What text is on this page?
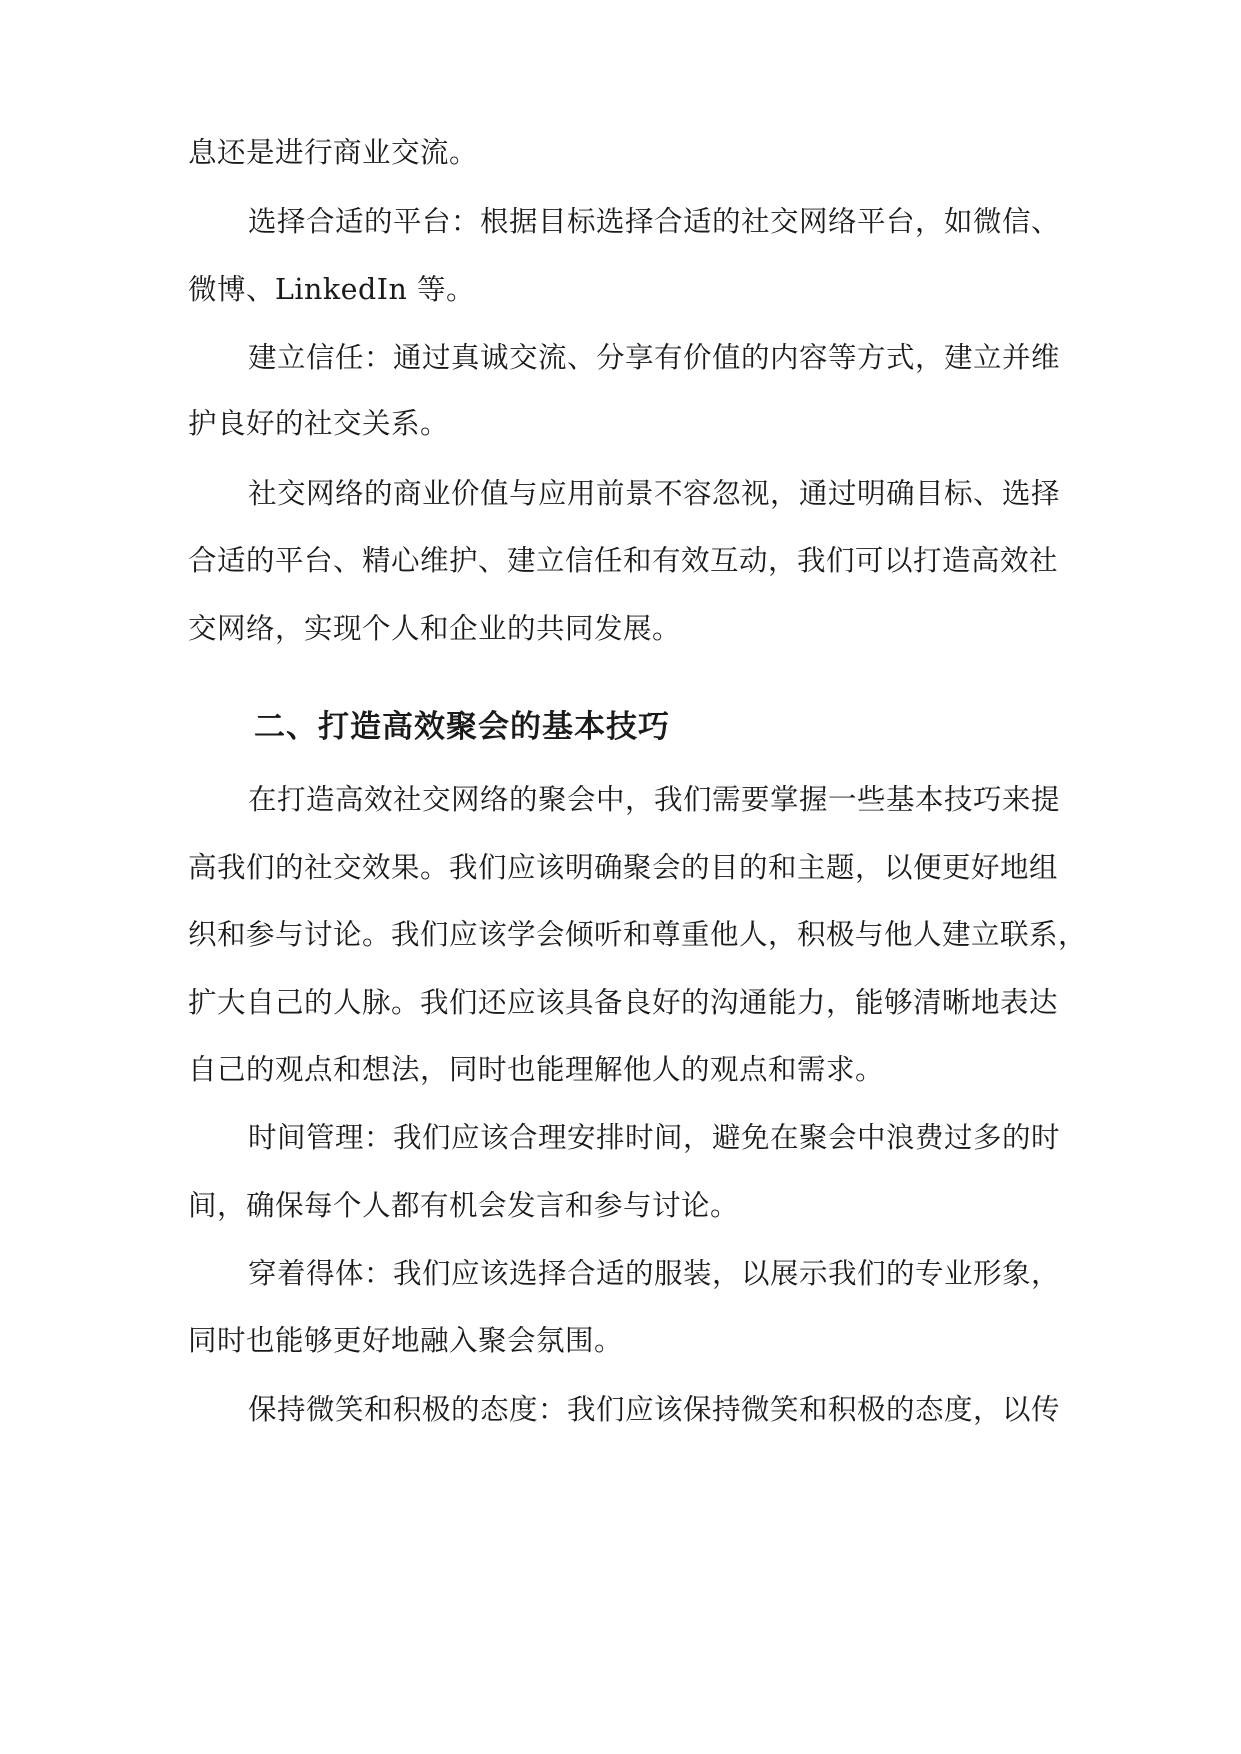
息还是进行商业交流。
选择合适的平台：根据目标选择合适的社交网络平台，如微信、
微博、LinkedIn 等。
建立信任：通过真诚交流、分享有价值的内容等方式，建立并维
护良好的社交关系。
社交网络的商业价值与应用前景不容忽视，通过明确目标、选择
合适的平台、精心维护、建立信任和有效互动，我们可以打造高效社
交网络，实现个人和企业的共同发展。
二、打造高效聚会的基本技巧
在打造高效社交网络的聚会中，我们需要掌握一些基本技巧来提
高我们的社交效果。我们应该明确聚会的目的和主题，以便更好地组
织和参与讨论。我们应该学会倾听和尊重他人，积极与他人建立联系，
扩大自己的人脉。我们还应该具备良好的沟通能力，能够清晰地表达
自己的观点和想法，同时也能理解他人的观点和需求。
时间管理：我们应该合理安排时间，避免在聚会中浪费过多的时
间，确保每个人都有机会发言和参与讨论。
穿着得体：我们应该选择合适的服装，以展示我们的专业形象，
同时也能够更好地融入聚会氛围。
保持微笑和积极的态度：我们应该保持微笑和积极的态度，以传
